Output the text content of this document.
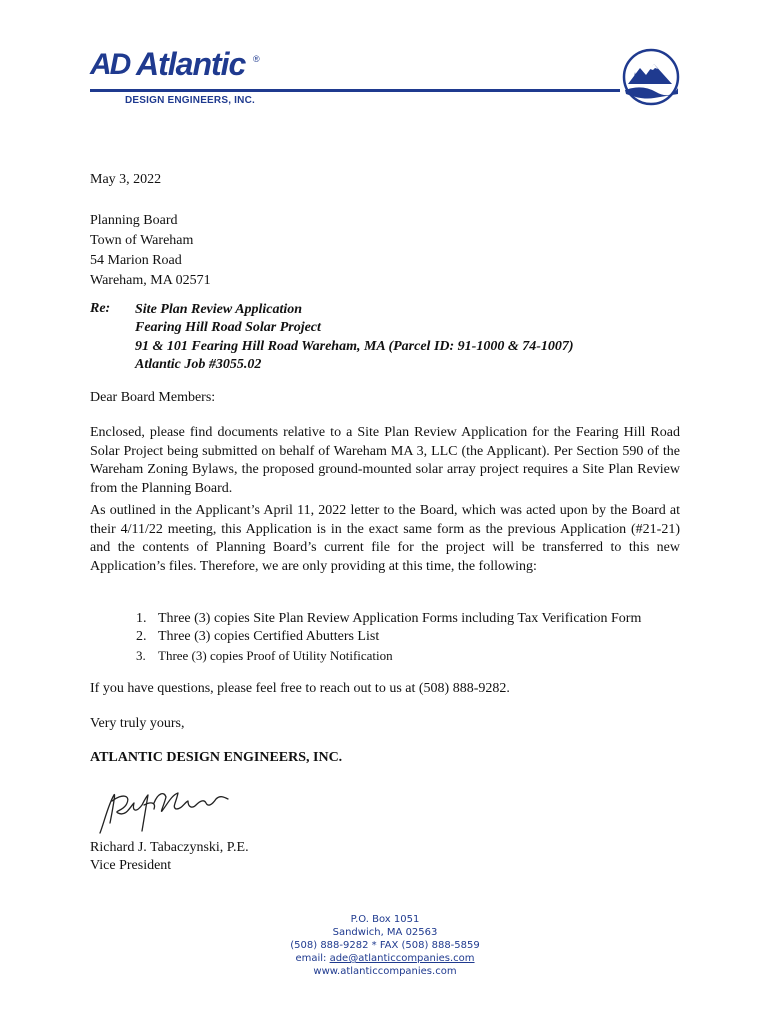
AD Atlantic ®
DESIGN ENGINEERS, INC.
May 3, 2022
Planning Board
Town of Wareham
54 Marion Road
Wareham, MA 02571
Re: Site Plan Review Application
Fearing Hill Road Solar Project
91 & 101 Fearing Hill Road Wareham, MA (Parcel ID: 91-1000 & 74-1007)
Atlantic Job #3055.02
Dear Board Members:
Enclosed, please find documents relative to a Site Plan Review Application for the Fearing Hill Road Solar Project being submitted on behalf of Wareham MA 3, LLC (the Applicant). Per Section 590 of the Wareham Zoning Bylaws, the proposed ground-mounted solar array project requires a Site Plan Review from the Planning Board.
As outlined in the Applicant’s April 11, 2022 letter to the Board, which was acted upon by the Board at their 4/11/22 meeting, this Application is in the exact same form as the previous Application (#21-21) and the contents of Planning Board’s current file for the project will be transferred to this new Application’s files. Therefore, we are only providing at this time, the following:
1. Three (3) copies Site Plan Review Application Forms including Tax Verification Form
2. Three (3) copies Certified Abutters List
3. Three (3) copies Proof of Utility Notification
If you have questions, please feel free to reach out to us at (508) 888-9282.
Very truly yours,
ATLANTIC DESIGN ENGINEERS, INC.
Richard J. Tabaczynski, P.E.
Vice President
P.O. Box 1051
Sandwich, MA 02563
(508) 888-9282 * FAX (508) 888-5859
email: ade@atlanticcompanies.com
www.atlanticcompanies.com
